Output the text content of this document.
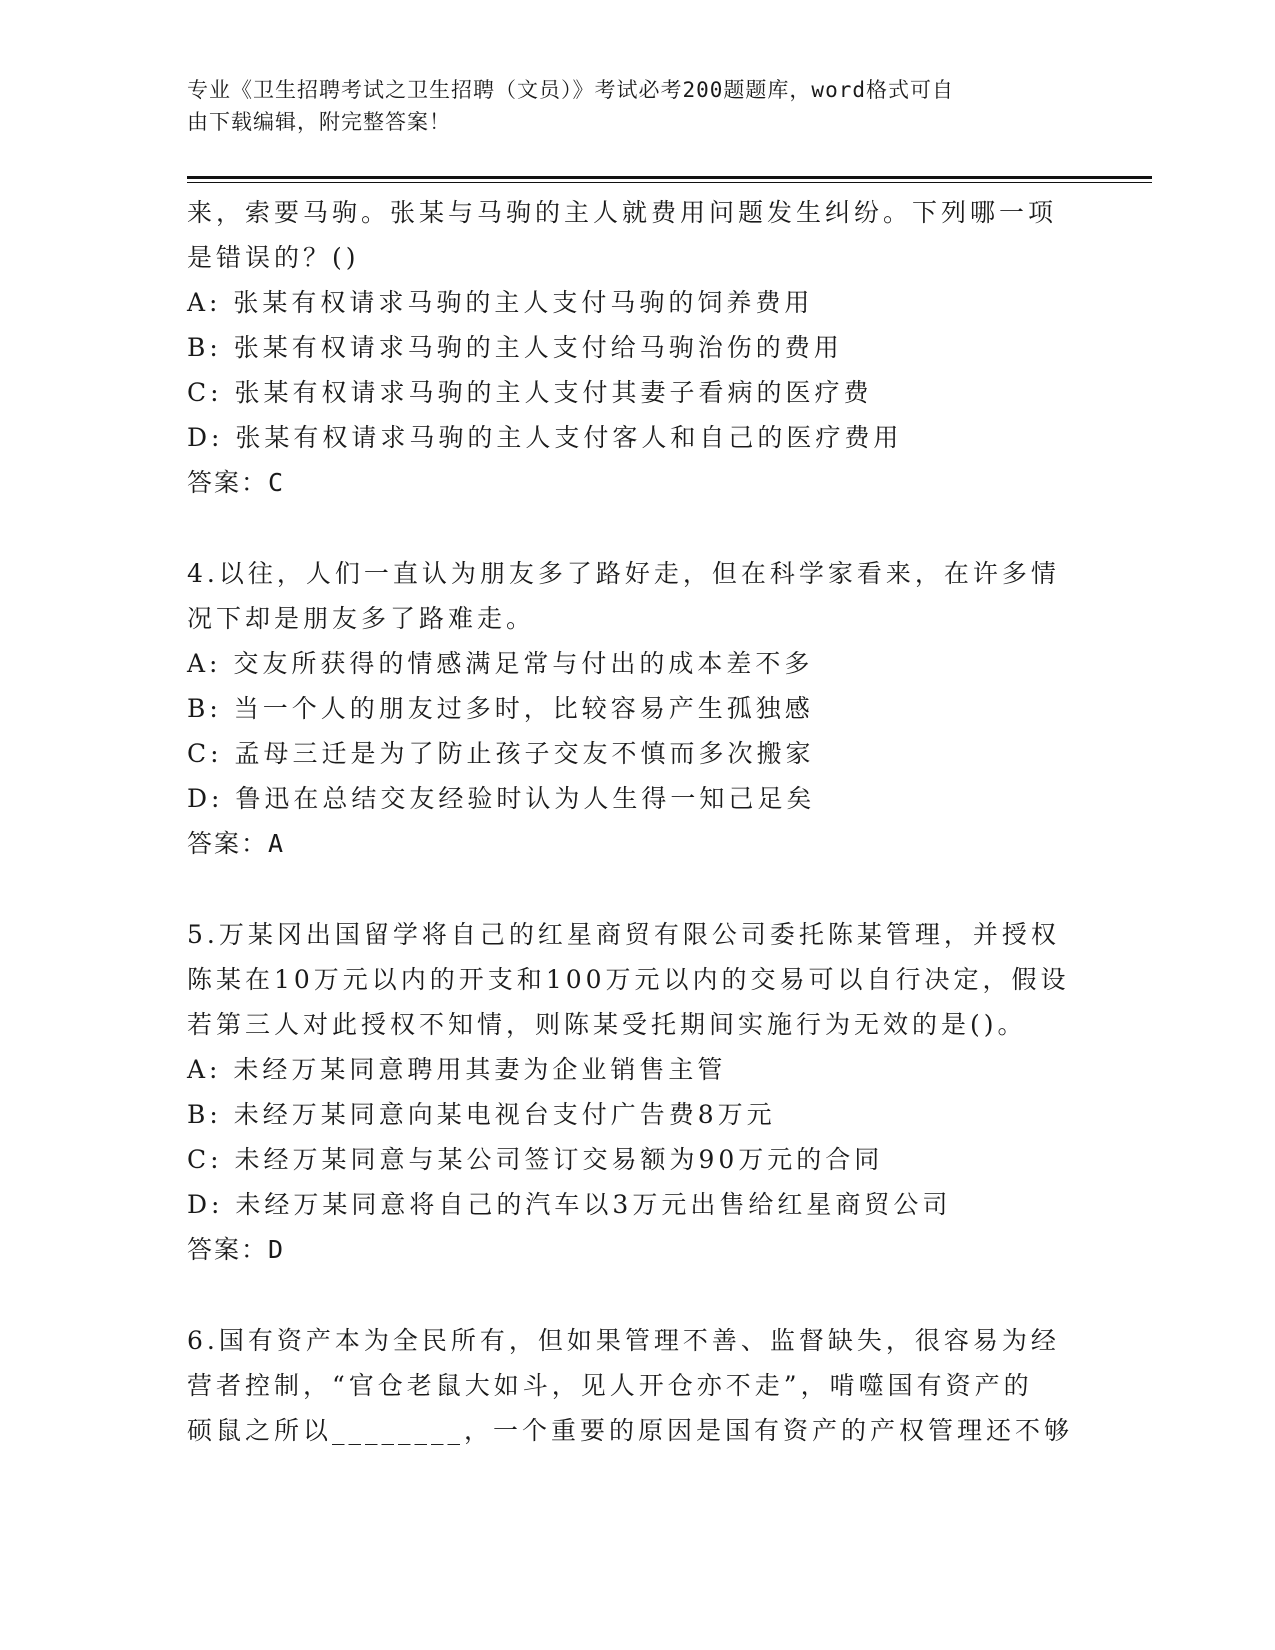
专业《卫生招聘考试之卫生招聘（文员）》考试必考200题题库，word格式可自
由下载编辑，附完整答案！
来，索要马驹。张某与马驹的主人就费用问题发生纠纷。下列哪一项
是错误的？()
A: 张某有权请求马驹的主人支付马驹的饲养费用
B: 张某有权请求马驹的主人支付给马驹治伤的费用
C: 张某有权请求马驹的主人支付其妻子看病的医疗费
D: 张某有权请求马驹的主人支付客人和自己的医疗费用
答案：C
4.以往，人们一直认为朋友多了路好走，但在科学家看来，在许多情
况下却是朋友多了路难走。
A: 交友所获得的情感满足常与付出的成本差不多
B: 当一个人的朋友过多时，比较容易产生孤独感
C: 孟母三迁是为了防止孩子交友不慎而多次搬家
D: 鲁迅在总结交友经验时认为人生得一知己足矣
答案：A
5.万某冈出国留学将自己的红星商贸有限公司委托陈某管理，并授权
陈某在10万元以内的开支和100万元以内的交易可以自行决定，假设
若第三人对此授权不知情，则陈某受托期间实施行为无效的是()。
A: 未经万某同意聘用其妻为企业销售主管
B: 未经万某同意向某电视台支付广告费8万元
C: 未经万某同意与某公司签订交易额为90万元的合同
D: 未经万某同意将自己的汽车以3万元出售给红星商贸公司
答案：D
6.国有资产本为全民所有，但如果管理不善、监督缺失，很容易为经
营者控制，“官仓老鼠大如斗，见人开仓亦不走”，啃噬国有资产的
硕鼠之所以________，一个重要的原因是国有资产的产权管理还不够
